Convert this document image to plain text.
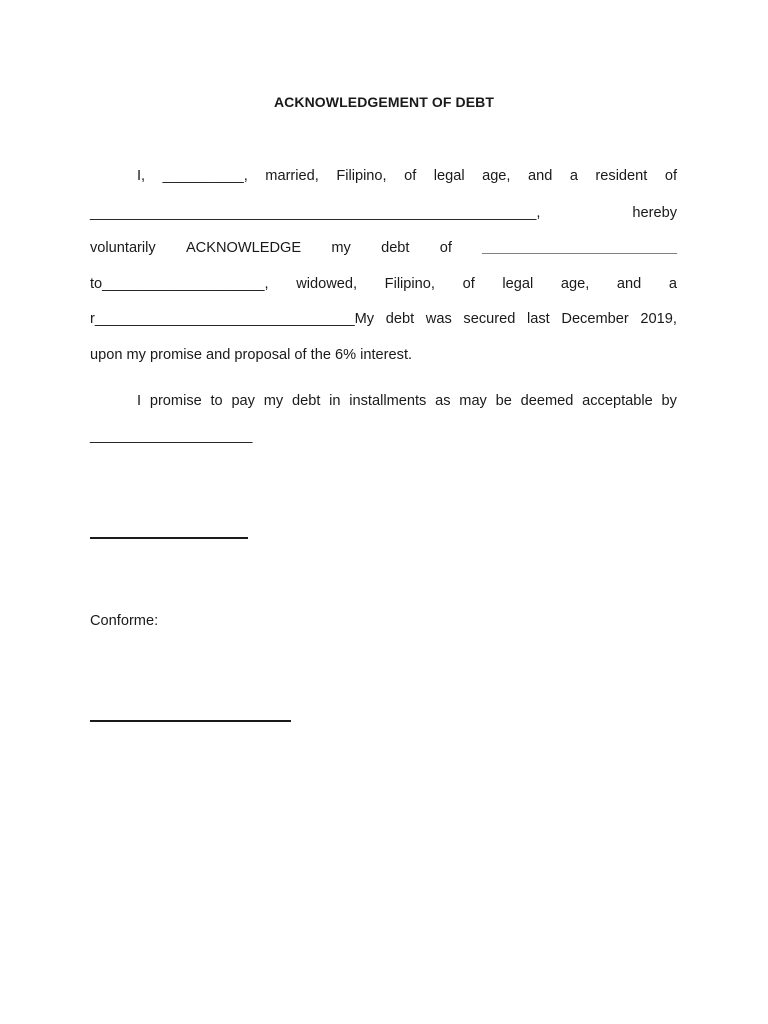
ACKNOWLEDGEMENT OF DEBT
I, __________, married, Filipino, of legal age, and a resident of
_______________________________________________________,	hereby
voluntarily ACKNOWLEDGE my debt of ________________________
to____________________, widowed, Filipino, of legal age, and a
r________________________________My debt was secured last December 2019,
upon my promise and proposal of the 6% interest.
I promise to pay my debt in installments as may be deemed acceptable by
____________________
Conforme:
